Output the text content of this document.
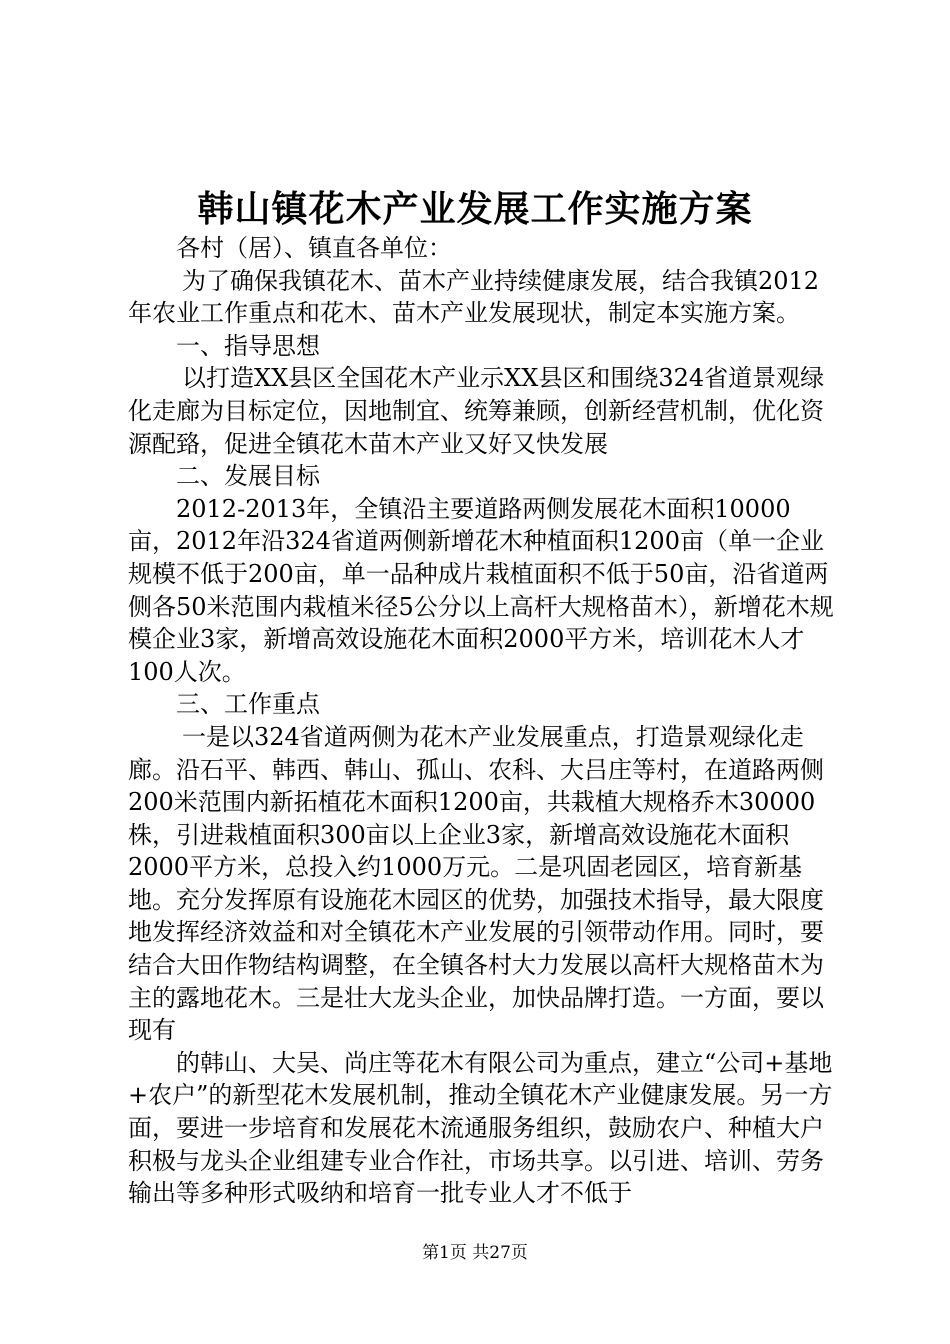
韩山镇花木产业发展工作实施方案

各村（居）、镇直各单位：

为了确保我镇花木、苗木产业持续健康发展，结合我镇2012年农业工作重点和花木、苗木产业发展现状，制定本实施方案。

一、指导思想

以打造XX县区全国花木产业示XX县区和围绕324省道景观绿化走廊为目标定位，因地制宜、统筹兼顾，创新经营机制，优化资源配臵，促进全镇花木苗木产业又好又快发展

二、发展目标

2012-2013年，全镇沿主要道路两侧发展花木面积10000亩，2012年沿324省道两侧新增花木种植面积1200亩（单一企业规模不低于200亩，单一品种成片栽植面积不低于50亩，沿省道两侧各50米范围内栽植米径5公分以上高杆大规格苗木），新增花木规模企业3家，新增高效设施花木面积2000平方米，培训花木人才100人次。

三、工作重点

一是以324省道两侧为花木产业发展重点，打造景观绿化走廊。沿石平、韩西、韩山、孤山、农科、大吕庄等村，在道路两侧200米范围内新拓植花木面积1200亩，共栽植大规格乔木30000株，引进栽植面积300亩以上企业3家，新增高效设施花木面积2000平方米，总投入约1000万元。二是巩固老园区，培育新基地。充分发挥原有设施花木园区的优势，加强技术指导，最大限度地发挥经济效益和对全镇花木产业发展的引领带动作用。同时，要结合大田作物结构调整，在全镇各村大力发展以高杆大规格苗木为主的露地花木。三是壮大龙头企业，加快品牌打造。一方面，要以现有

的韩山、大吴、尚庄等花木有限公司为重点，建立“公司+基地+农户”的新型花木发展机制，推动全镇花木产业健康发展。另一方面，要进一步培育和发展花木流通服务组织，鼓励农户、种植大户积极与龙头企业组建专业合作社，市场共享。以引进、培训、劳务输出等多种形式吸纳和培育一批专业人才不低于

第1页 共27页
